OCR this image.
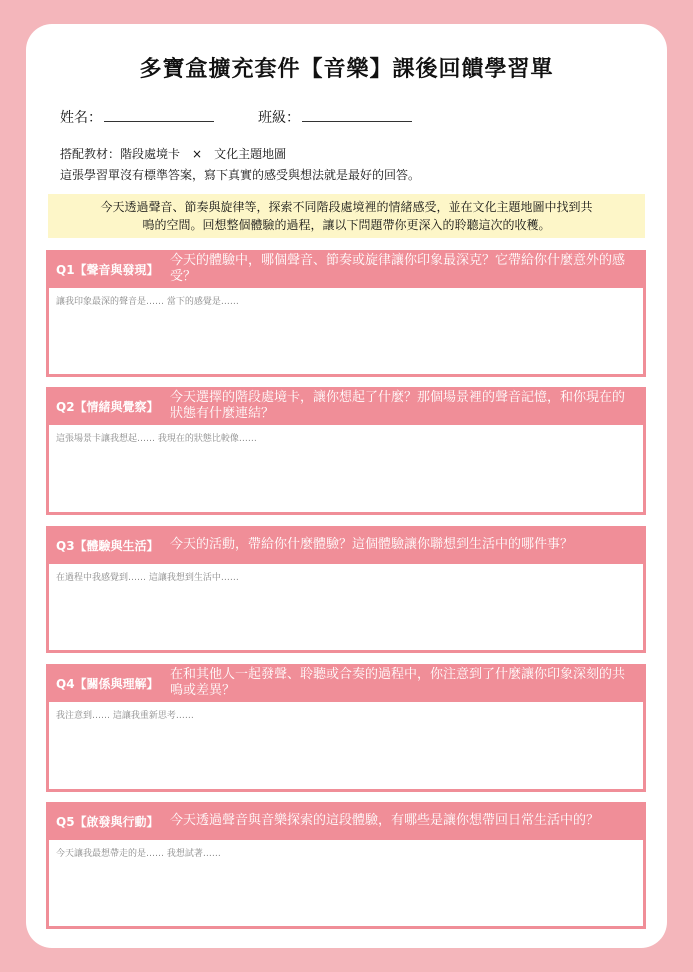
多寶盒擴充套件【音樂】課後回饋學習單
姓名：	班級：
搭配教材：階段處境卡 × 文化主題地圖
這張學習單沒有標準答案，寫下真實的感受與想法就是最好的回答。
今天透過聲音、節奏與旋律等，探索不同階段處境裡的情緒感受，並在文化主題地圖中找到共
鳴的空間。回想整個體驗的過程，讓以下問題帶你更深入的聆聽這次的收穫。
Q1【聲音與發現】
今天的體驗中，哪個聲音、節奏或旋律讓你印象最深克？它帶給你什麼意外的感受？
讓我印象最深的聲音是…… 當下的感覺是……
Q2【情緒與覺察】
今天選擇的階段處境卡，讓你想起了什麼？那個場景裡的聲音記憶，和你現在的狀態有什麼連結？
這張場景卡讓我想起…… 我現在的狀態比較像……
Q3【體驗與生活】 今天的活動，帶給你什麼體驗？這個體驗讓你聯想到生活中的哪件事？
在過程中我感覺到…… 這讓我想到生活中……
Q4【關係與理解】
在和其他人一起發聲、聆聽或合奏的過程中，你注意到了什麼讓你印象深刻的共鳴或差異？
我注意到…… 這讓我重新思考……
Q5【啟發與行動】 今天透過聲音與音樂探索的這段體驗，有哪些是讓你想帶回日常生活中的？
今天讓我最想帶走的是…… 我想試著……
